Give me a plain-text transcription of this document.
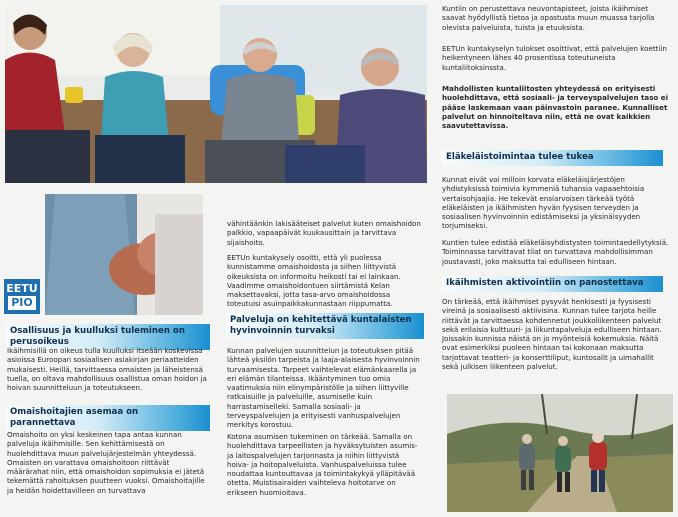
EETU
PIO
Osallisuus ja kuulluksi tuleminen on perusoikeus

Ikäihmisillä on oikeus tulla kuulluksi itseään koskevissa asioissa Euroopan sosiaalisen asiakirjan periaatteiden mukaisesti. Heillä, tarvittaessa omaisten ja läheistensä tuella, on oltava mahdollisuus osallistua oman hoidon ja hoivan suunnitteluun ja toteutukseen.

Omaishoitajien asemaa on parannettava

Omaishoito on yksi keskeinen tapa antaa kunnan palveluja ikäihmisille. Sen kehittämisestä on huolehdittava muun palvelujärjestelmän yhteydessä. Omaisten on varattava omaishoitoon riittävät määrärahat niin, että omaishoidon sopimuksia ei jätetä tekemättä rahoituksen puutteen vuoksi. Omaishoitajille ja heidän hoidettavilleen on turvattava

vähintäänkin lakisääteiset palvelut kuten omaishoidon palkkio, vapaapäivät kuukausittain ja tarvittava sijaishoito.

EETUn kuntakysely osoitti, että yli puolessa kunnistamme omaishoidosta ja siihen liittyvistä oikeuksista on informoitu heikosti tai ei lainkaan. Vaadimme omaishoidontuen siirtämistä Kelan maksettavaksi, jotta tasa-arvo omaishoidossa toteutuisi asuinpaikkakunnastaan riippumatta.

Palveluja on kehitettävä kuntalaisten hyvinvoinnin turvaksi

Kunnan palvelujen suunnittelun ja toteutuksen pitää lähteä yksilön tarpeista ja laaja-alaisesta hyvinvoinnin turvaamisesta. Tarpeet vaihtelevat elämänkaarella ja eri elämän tilanteissa. Ikääntyminen tuo omia vaatimuksia niin elinympäristölle ja siihen liittyville ratkaisuille ja palveluille, asumiselle kuin harrastamiselleki. Samalla sosiaali- ja terveyspalvelujen ja erityisesti vanhuspalvelujen merkitys korostuu.

Kotona asumisen tukeminen on tärkeää. Samalla on huolehdittava tarpeellisten ja hyväksytuisten asumis- ja laitospalvelujen tarjonnasta ja niihin liittyvistä hoiva- ja hoitopalveluista. Vanhuspalveluissa tulee noudattaa kuntouttavaa ja toimintakykyä ylläpitävää otetta. Muistisairaiden vaihteleva hoitotarve on erikseen huomioitava.

Kuntiin on perustettava neuvontapisteet, joista ikäihmiset saavat hyödyllistä tietoa ja opastusta muun muassa tarjolla olevista palveluista, tuista ja etuuksista.

EETUn kuntakyselyn tulokset osoittivat, että palvelujen koettiin heikentyneen lähes 40 prosentissa toteutuneista kuntaliitoksinssta.

Mahdollisten kuntaliitosten yhteydessä on erityisesti huolehdittava, että sosiaali- ja terveyspalvelujen taso ei pääse laskemaan vaan päinvastoin paranee. Kunnalliset palvelut on hinnoiteltava niin, että ne ovat kaikkien saavutettavissa.

Eläkeläistoimintaa tulee tukea

Kunnat eivät voi milloin korvata eläkeläisjärjestöjen yhdistyksissä toimivia kymmeniä tuhansia vapaaehtoisia vertaisohjaajia. He tekevät ensiarvoisen tärkeää työtä eläkeläisten ja ikäihmisten hyvän fyysisen terveyden ja sosiaalisen hyvinvoinnin edistämiseksi ja yksinäisyyden torjumiseksi.

Kuntien tulee edistää eläkeläisyhdistysten toimintaedellytyksiä. Toiminnassa tarvittavat tilat on turvattava mahdollisimman joustavasti, joko maksutta tai edulliseen hintaan.

Ikäihmisten aktivointiin on panostettava

On tärkeää, että ikäihmiset pysyvät henkisesti ja fyysisesti vireinä ja sosiaalisesti aktiivisina. Kunnan tulee tarjota heille riittävät ja tarvittaessa kohdennetut joukkoliikenteen palvelut sekä erilaisia kulttuuri- ja liikuntapalveluja edulliseen hintaan. Joissakin kunnissa näistä on jo myönteisiä kokemuksia. Näitä ovat esimerkiksi puoleen hintaan tai kokonaan maksutta tarjottavat teatteri- ja konserttiliput, kuntosalit ja uimahallit sekä julkisen liikenteen palvelut.
